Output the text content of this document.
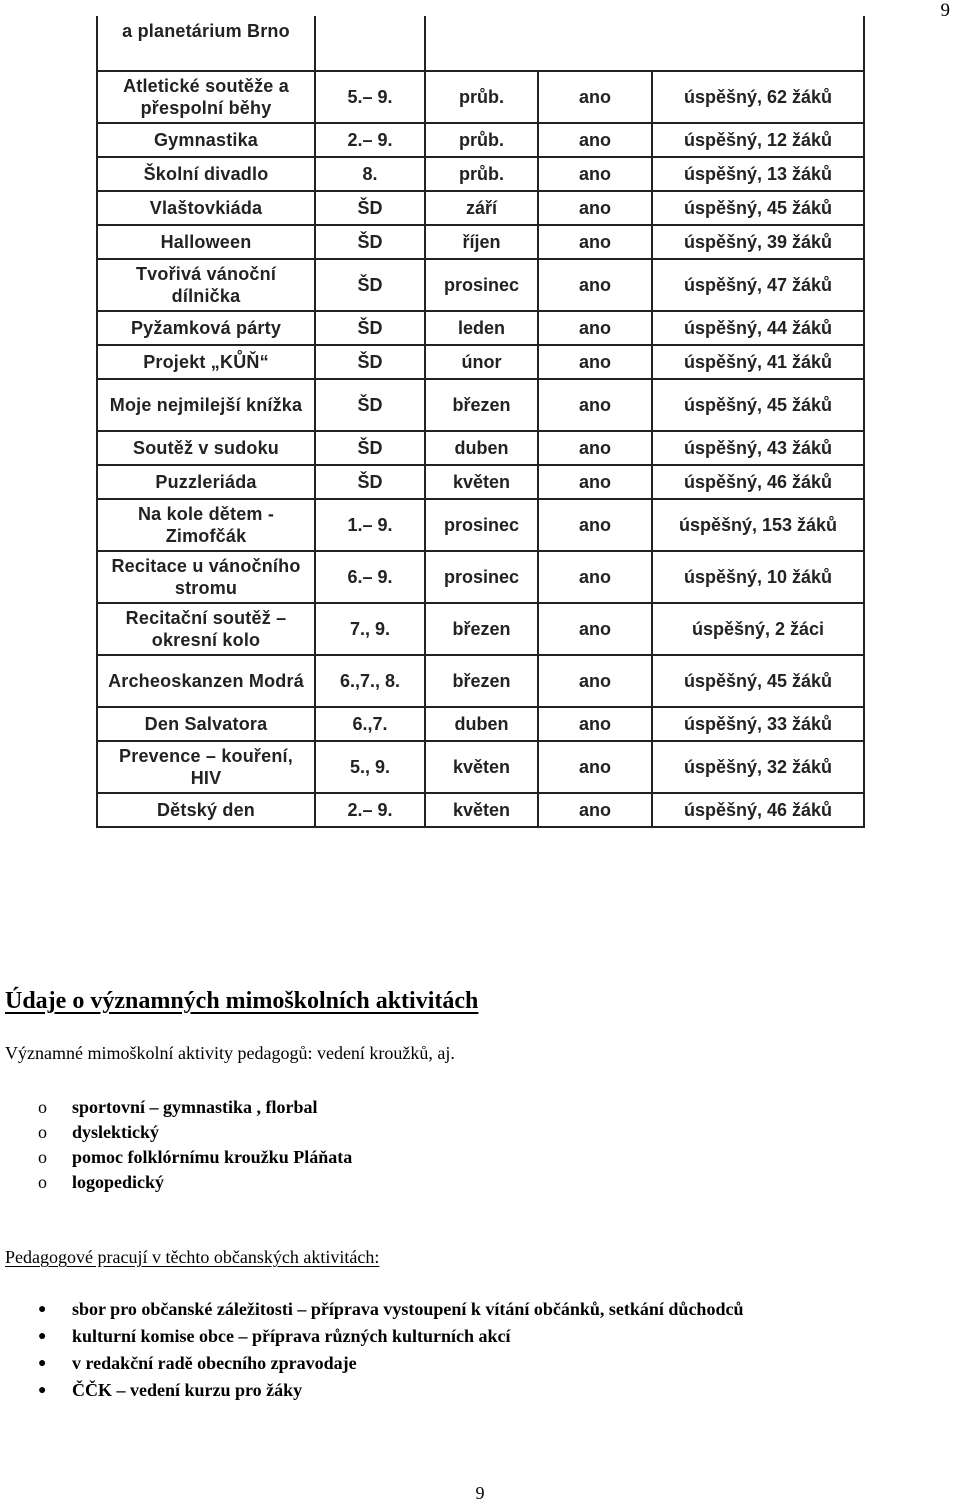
9
a planetárium Brno				
Atletické soutěže a přespolní běhy	5.– 9.	průb.	ano	úspěšný, 62 žáků
Gymnastika	2.– 9.	průb.	ano	úspěšný, 12 žáků
Školní divadlo	8.	průb.	ano	úspěšný, 13 žáků
Vlaštovkiáda	ŠD	září	ano	úspěšný, 45 žáků
Halloween	ŠD	říjen	ano	úspěšný, 39 žáků
Tvořivá vánoční dílnička	ŠD	prosinec	ano	úspěšný, 47 žáků
Pyžamková párty	ŠD	leden	ano	úspěšný, 44 žáků
Projekt „KŮŇ“	ŠD	únor	ano	úspěšný, 41 žáků
Moje nejmilejší knížka	ŠD	březen	ano	úspěšný, 45 žáků
Soutěž v sudoku	ŠD	duben	ano	úspěšný, 43 žáků
Puzzleriáda	ŠD	květen	ano	úspěšný, 46 žáků
Na kole dětem - Zimofčák	1.– 9.	prosinec	ano	úspěšný, 153 žáků
Recitace u vánočního stromu	6.– 9.	prosinec	ano	úspěšný, 10 žáků
Recitační soutěž – okresní kolo	7., 9.	březen	ano	úspěšný, 2 žáci
Archeoskanzen Modrá	6.,7., 8.	březen	ano	úspěšný, 45 žáků
Den Salvatora	6.,7.	duben	ano	úspěšný, 33 žáků
Prevence – kouření, HIV	5., 9.	květen	ano	úspěšný, 32 žáků
Dětský den	2.– 9.	květen	ano	úspěšný, 46 žáků
Údaje o významných mimoškolních aktivitách

Významné mimoškolní aktivity pedagogů: vedení kroužků, aj.

o sportovní – gymnastika , florbal
o dyslektický
o pomoc folklórnímu kroužku Pláňata
o logopedický

Pedagogové pracují v těchto občanských aktivitách:

● sbor pro občanské záležitosti – příprava vystoupení k vítání občánků, setkání důchodců
● kulturní komise obce – příprava různých kulturních akcí
● v redakční radě obecního zpravodaje
● ČČK – vedení kurzu pro žáky
9
